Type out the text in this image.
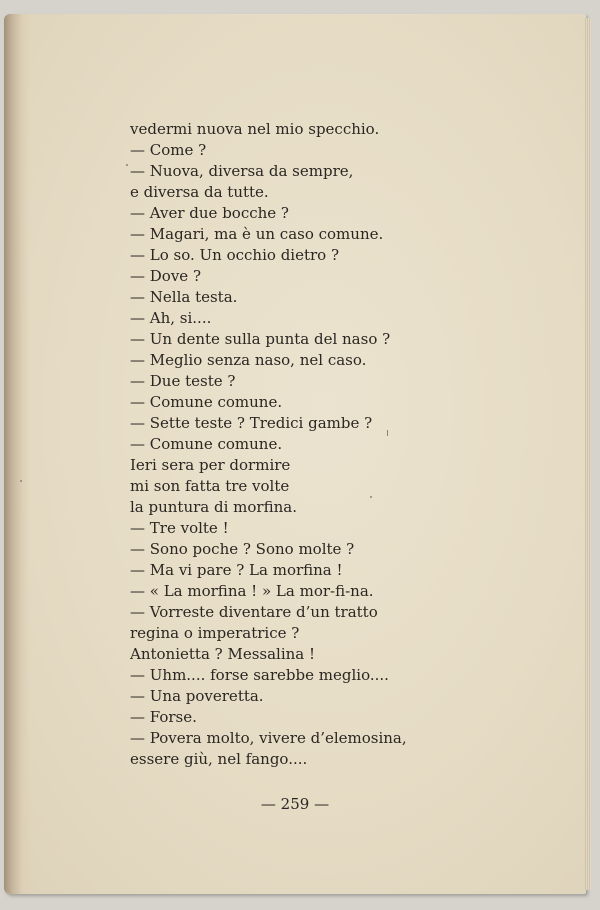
vedermi nuova nel mio specchio.
— Come ?
— Nuova, diversa da sempre,
e diversa da tutte.
— Aver due bocche ?
— Magari, ma è un caso comune.
— Lo so. Un occhio dietro ?
— Dove ?
— Nella testa.
— Ah, si....
— Un dente sulla punta del naso ?
— Meglio senza naso, nel caso.
— Due teste ?
— Comune comune.
— Sette teste ? Tredici gambe ?
— Comune comune.
Ieri sera per dormire
mi son fatta tre volte
la puntura di morfina.
— Tre volte !
— Sono poche ? Sono molte ?
— Ma vi pare ? La morfina !
— « La morfina ! » La mor-fi-na.
— Vorreste diventare d’un tratto
regina o imperatrice ?
Antonietta ? Messalina !
— Uhm.... forse sarebbe meglio....
— Una poveretta.
— Forse.
— Povera molto, vivere d’elemosina,
essere giù, nel fango....
— 259 —
